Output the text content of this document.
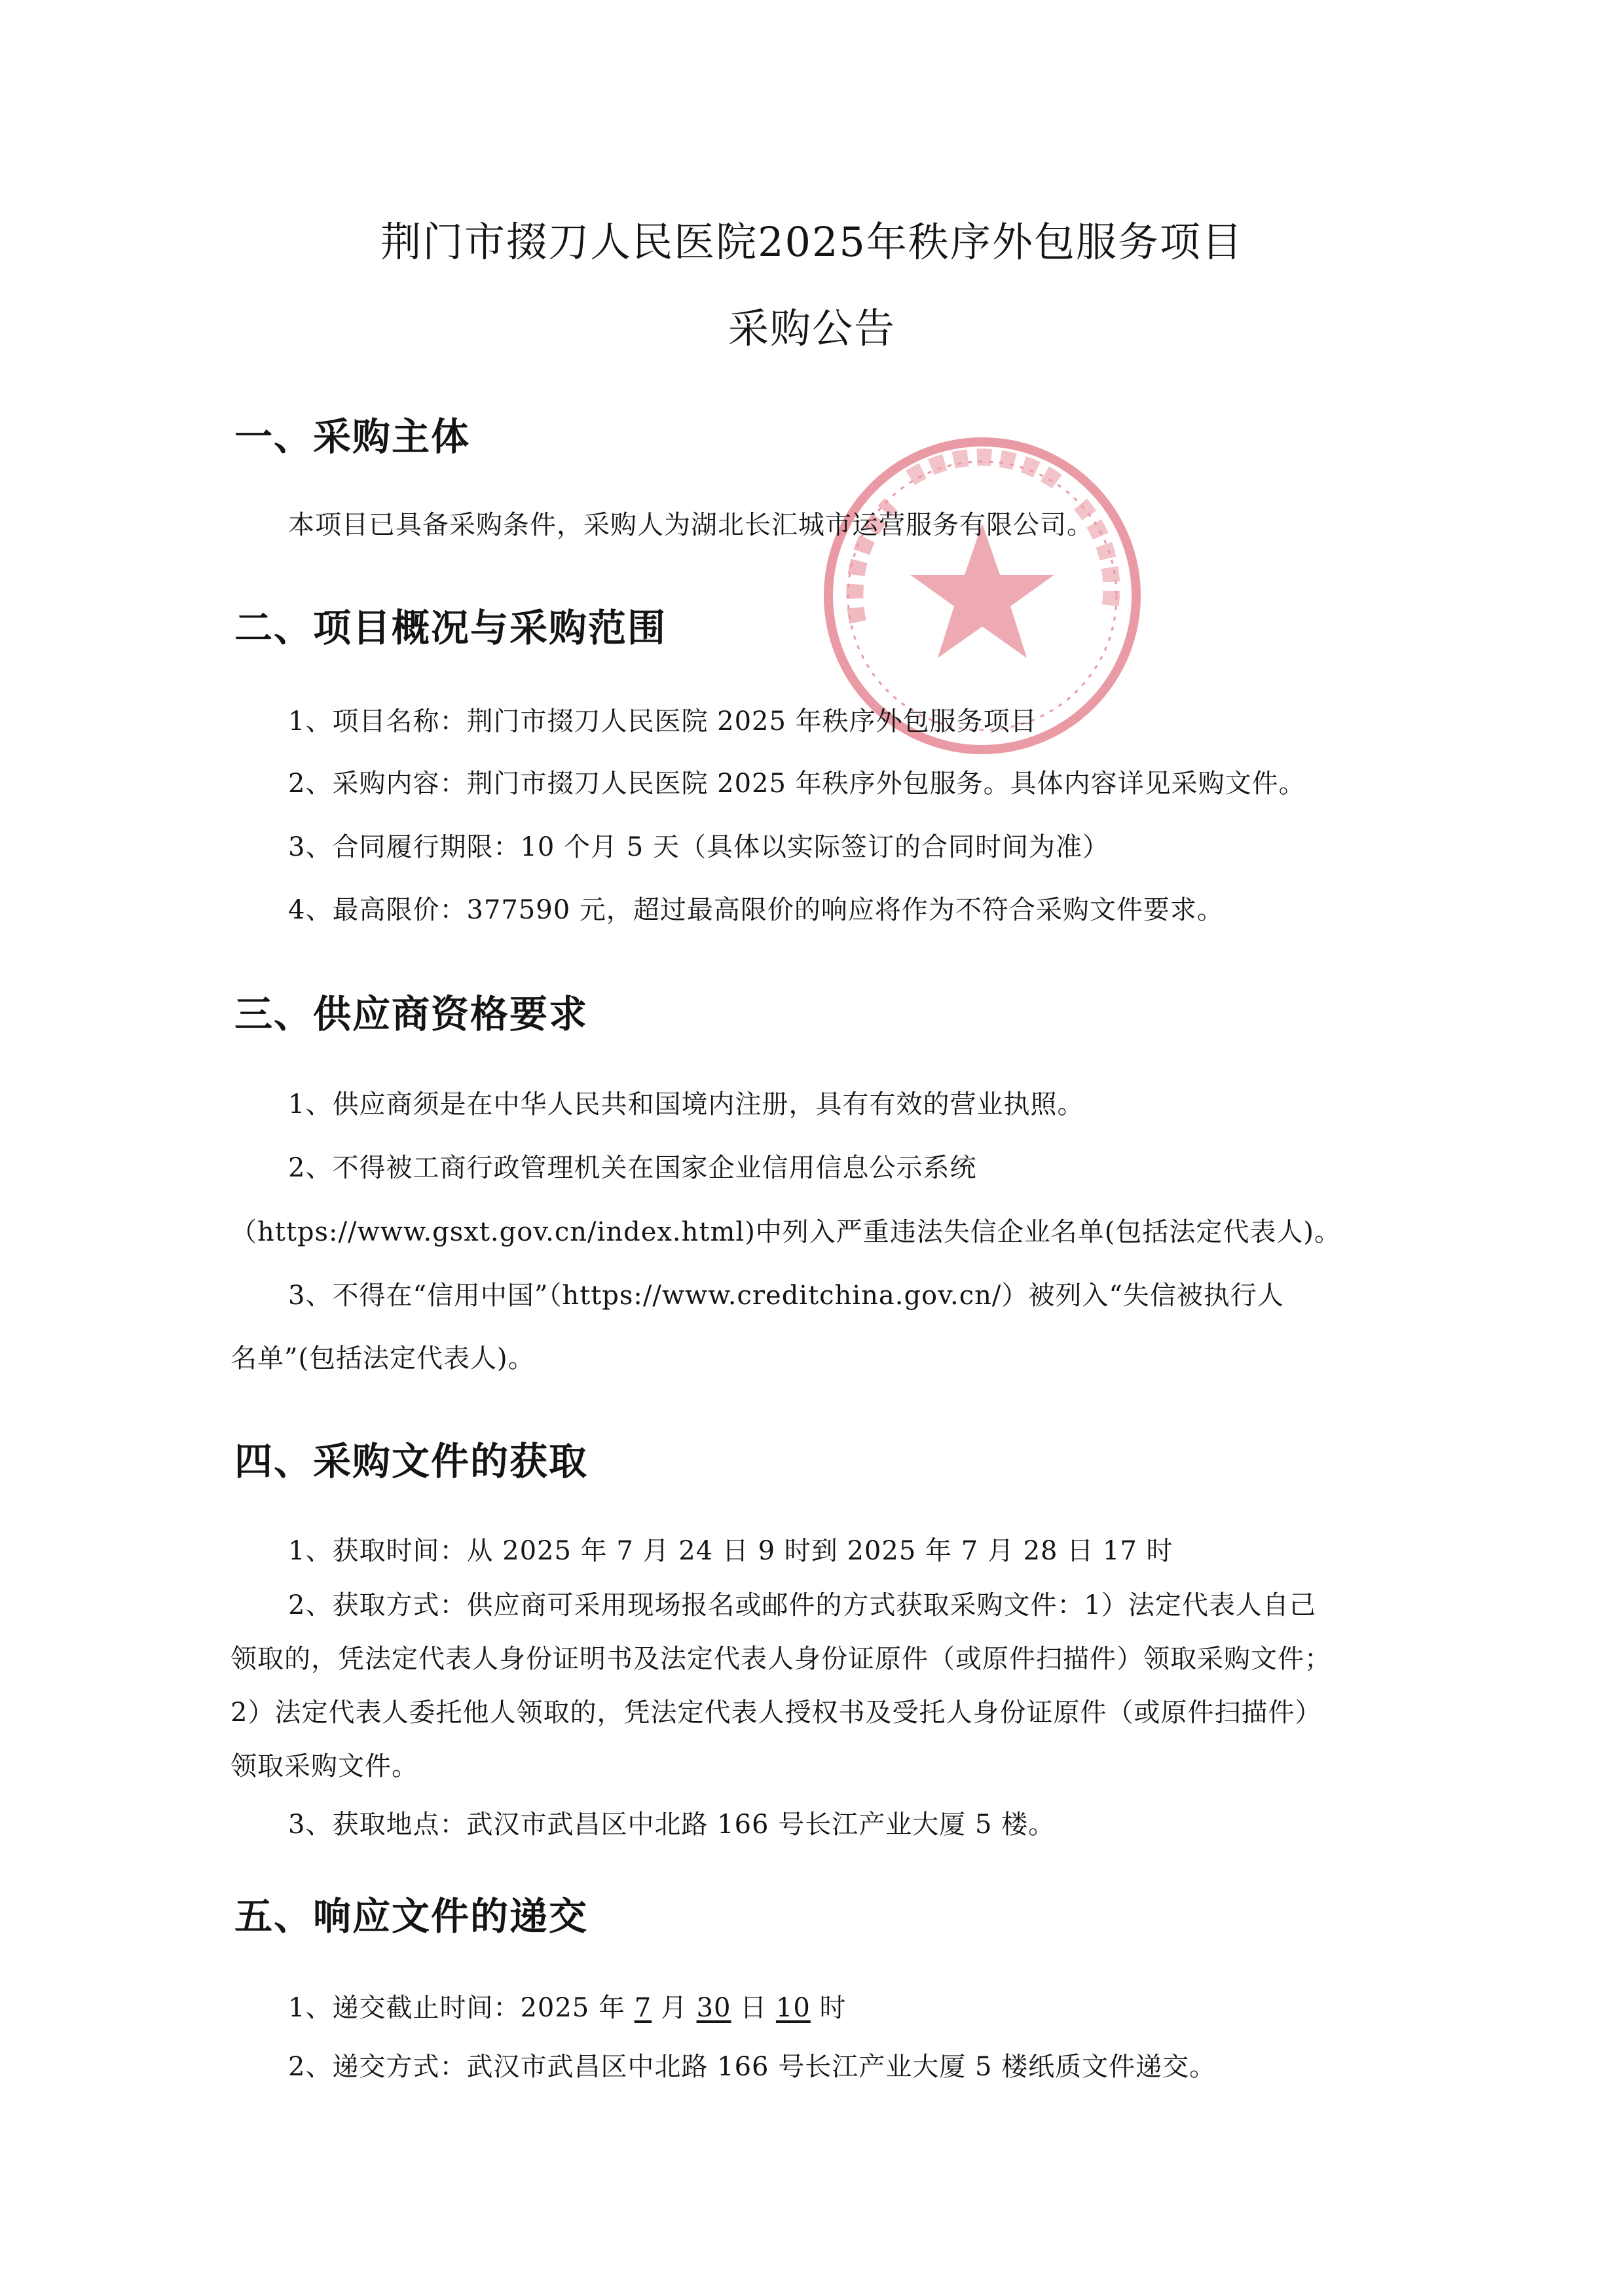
荆门市掇刀人民医院2025年秩序外包服务项目
采购公告
一、采购主体
本项目已具备采购条件，采购人为湖北长汇城市运营服务有限公司。
二、项目概况与采购范围
1、项目名称：荆门市掇刀人民医院 2025 年秩序外包服务项目
2、采购内容：荆门市掇刀人民医院 2025 年秩序外包服务。具体内容详见采购文件。
3、合同履行期限：10 个月 5 天（具体以实际签订的合同时间为准）
4、最高限价：377590 元，超过最高限价的响应将作为不符合采购文件要求。
三、供应商资格要求
1、供应商须是在中华人民共和国境内注册，具有有效的营业执照。
2、不得被工商行政管理机关在国家企业信用信息公示系统
（https://www.gsxt.gov.cn/index.html)中列入严重违法失信企业名单(包括法定代表人)。
3、不得在“信用中国”（https://www.creditchina.gov.cn/）被列入“失信被执行人
名单”(包括法定代表人)。
四、采购文件的获取
1、获取时间：从 2025 年 7 月 24 日 9 时到 2025 年 7 月 28 日 17 时
2、获取方式：供应商可采用现场报名或邮件的方式获取采购文件：1）法定代表人自己
领取的，凭法定代表人身份证明书及法定代表人身份证原件（或原件扫描件）领取采购文件；
2）法定代表人委托他人领取的，凭法定代表人授权书及受托人身份证原件（或原件扫描件）
领取采购文件。
3、获取地点：武汉市武昌区中北路 166 号长江产业大厦 5 楼。
五、响应文件的递交
1、递交截止时间：2025 年 7 月 30 日 10 时
2、递交方式：武汉市武昌区中北路 166 号长江产业大厦 5 楼纸质文件递交。
